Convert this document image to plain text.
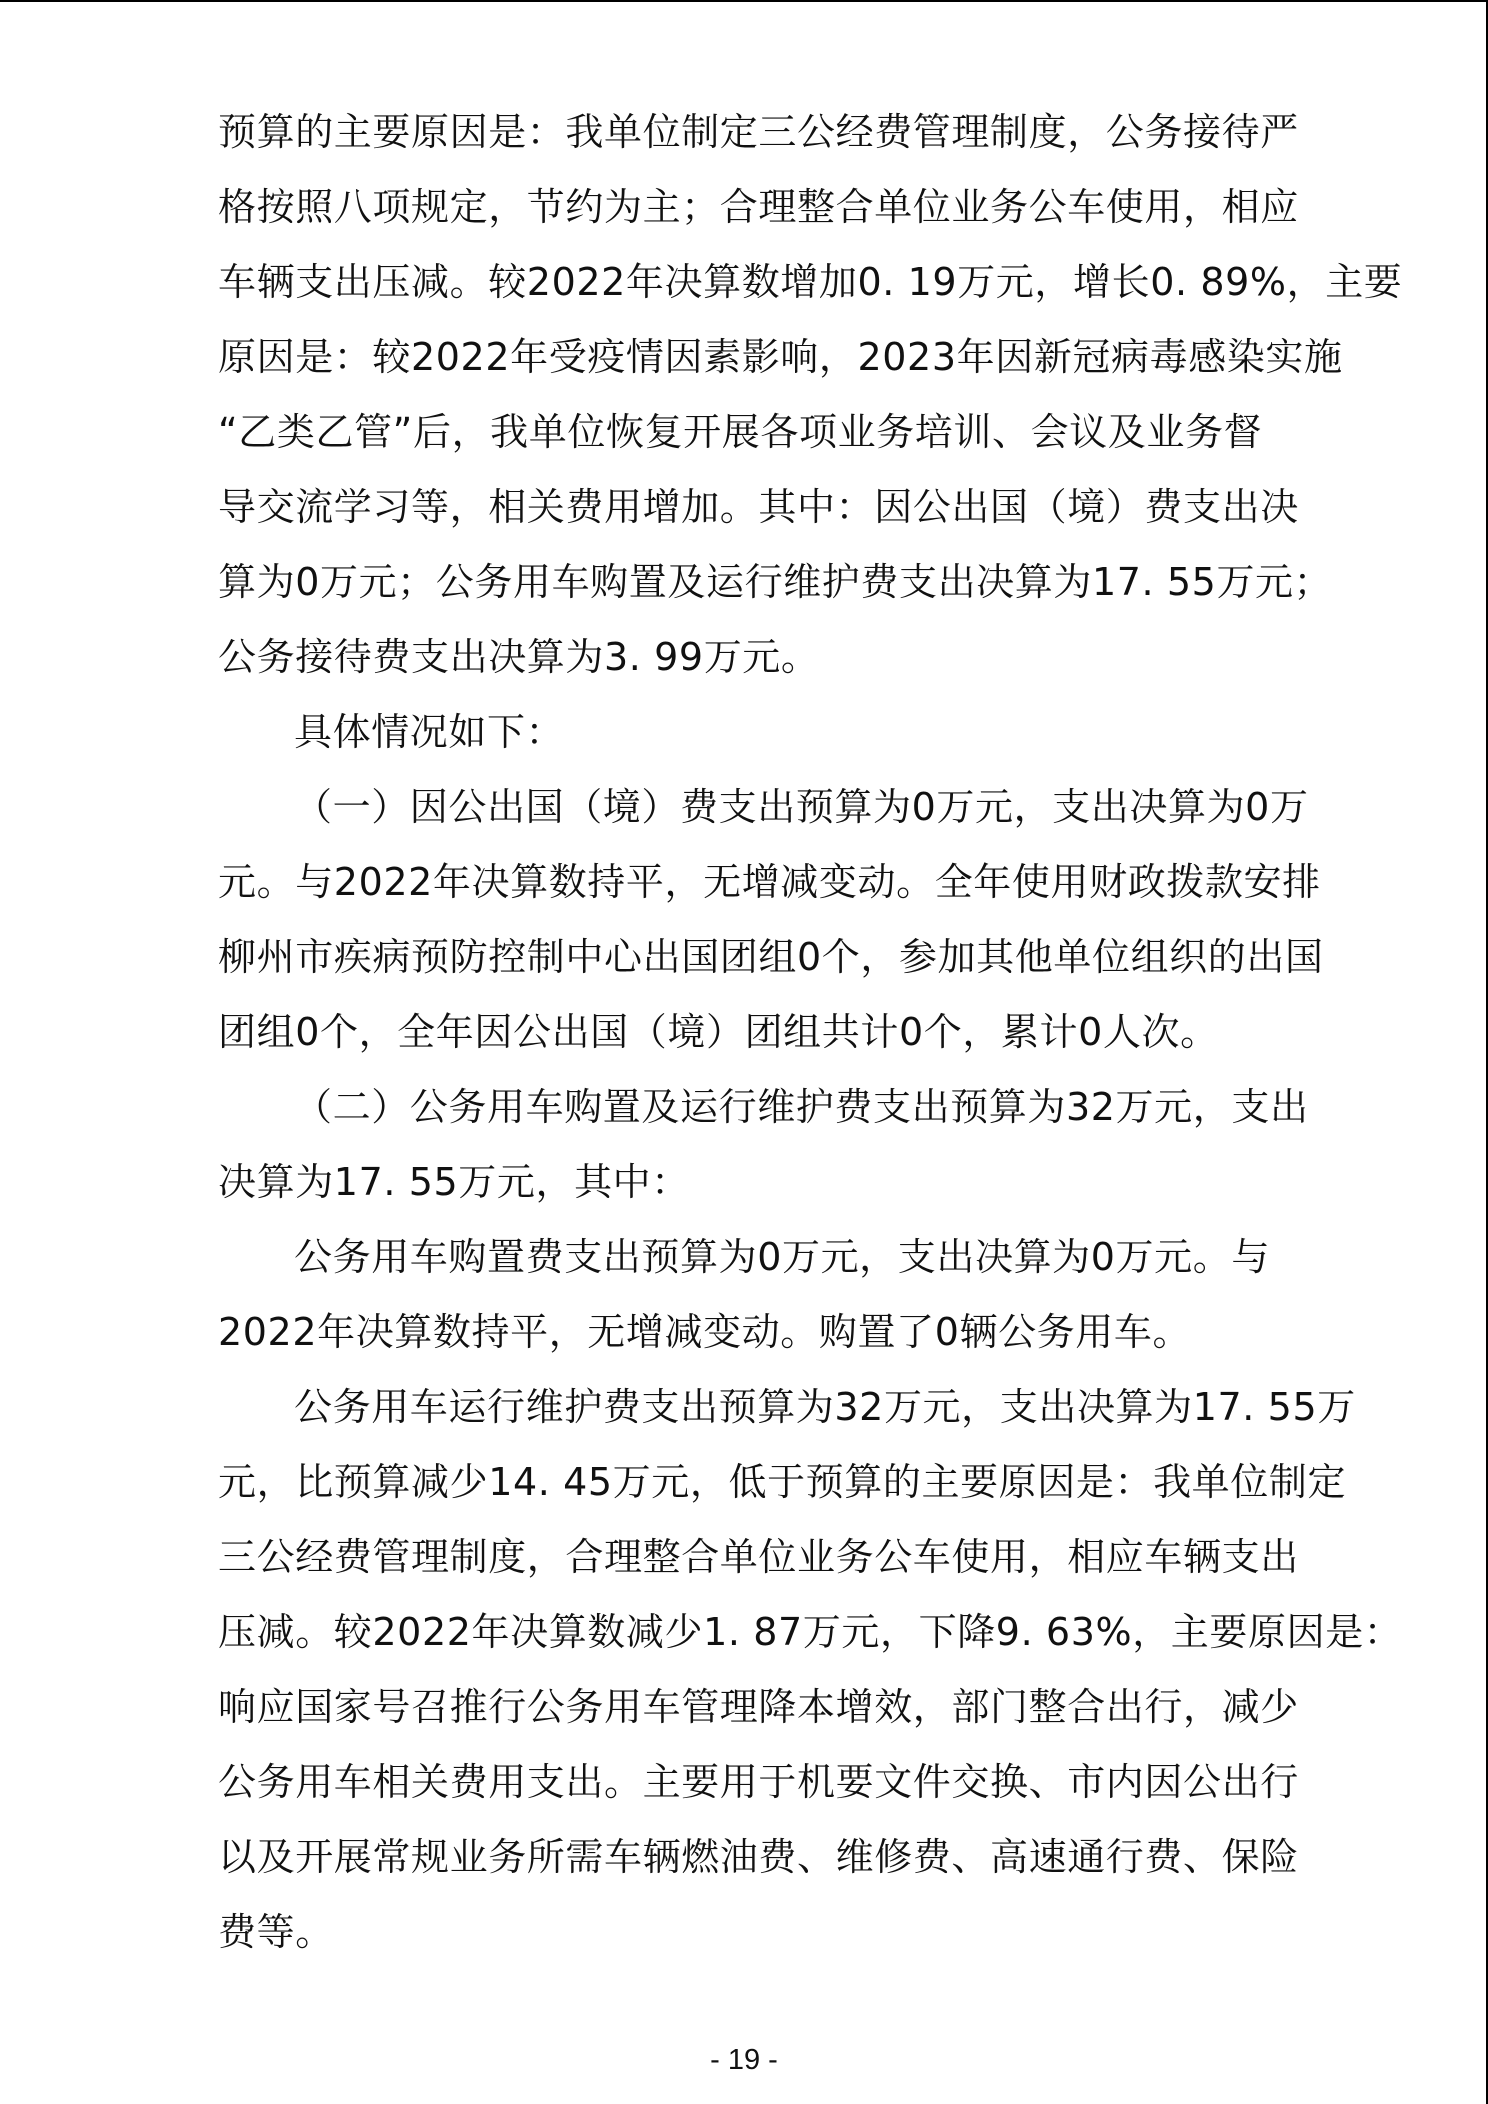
预算的主要原因是：我单位制定三公经费管理制度，公务接待严
格按照八项规定，节约为主；合理整合单位业务公车使用，相应
车辆支出压减。较2022年决算数增加0. 19万元，增长0. 89%，主要
原因是：较2022年受疫情因素影响，2023年因新冠病毒感染实施
“乙类乙管”后，我单位恢复开展各项业务培训、会议及业务督
导交流学习等，相关费用增加。其中：因公出国（境）费支出决
算为0万元；公务用车购置及运行维护费支出决算为17. 55万元；
公务接待费支出决算为3. 99万元。
具体情况如下：
（一）因公出国（境）费支出预算为0万元，支出决算为0万
元。与2022年决算数持平，无增减变动。全年使用财政拨款安排
柳州市疾病预防控制中心出国团组0个，参加其他单位组织的出国
团组0个，全年因公出国（境）团组共计0个，累计0人次。
（二）公务用车购置及运行维护费支出预算为32万元，支出
决算为17. 55万元，其中：
公务用车购置费支出预算为0万元，支出决算为0万元。与
2022年决算数持平，无增减变动。购置了0辆公务用车。
公务用车运行维护费支出预算为32万元，支出决算为17. 55万
元，比预算减少14. 45万元，低于预算的主要原因是：我单位制定
三公经费管理制度，合理整合单位业务公车使用，相应车辆支出
压减。较2022年决算数减少1. 87万元，下降9. 63%，主要原因是：
响应国家号召推行公务用车管理降本增效，部门整合出行，减少
公务用车相关费用支出。主要用于机要文件交换、市内因公出行
以及开展常规业务所需车辆燃油费、维修费、高速通行费、保险
费等。
- 19 -
